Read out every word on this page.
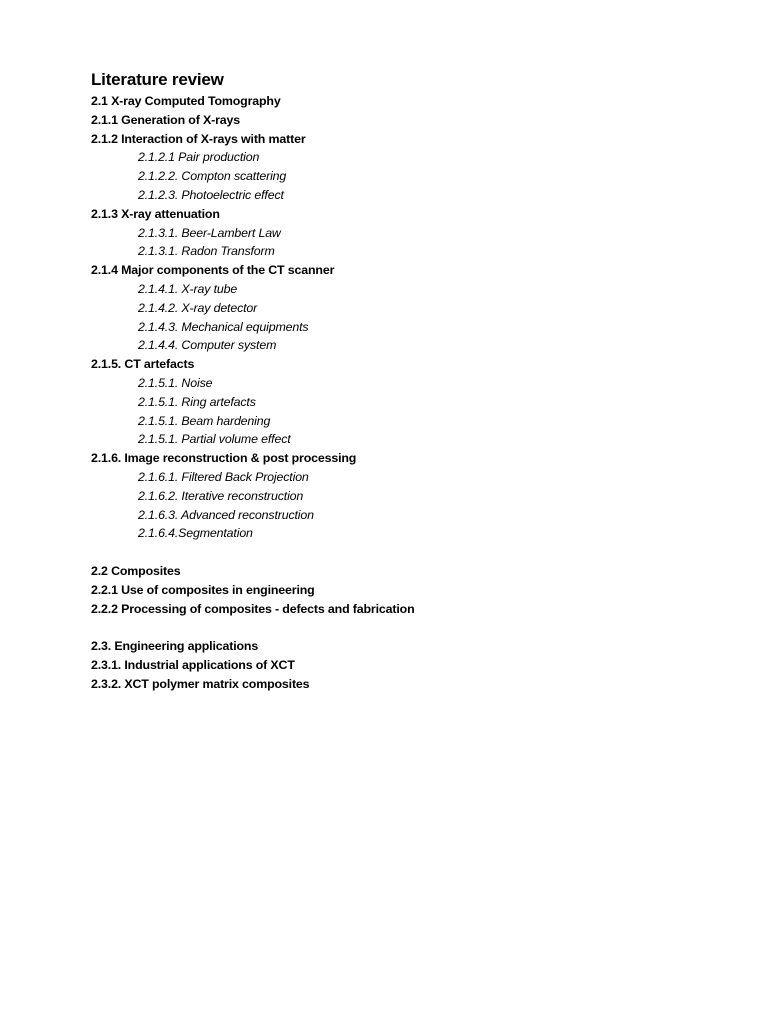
Literature review
2.1 X-ray Computed Tomography
2.1.1 Generation of X-rays
2.1.2 Interaction of X-rays with matter
2.1.2.1 Pair production
2.1.2.2. Compton scattering
2.1.2.3. Photoelectric effect
2.1.3 X-ray attenuation
2.1.3.1. Beer-Lambert Law
2.1.3.1. Radon Transform
2.1.4 Major components of the CT scanner
2.1.4.1. X-ray tube
2.1.4.2. X-ray detector
2.1.4.3. Mechanical equipments
2.1.4.4. Computer system
2.1.5. CT artefacts
2.1.5.1. Noise
2.1.5.1. Ring artefacts
2.1.5.1. Beam hardening
2.1.5.1. Partial volume effect
2.1.6. Image reconstruction & post processing
2.1.6.1. Filtered Back Projection
2.1.6.2. Iterative reconstruction
2.1.6.3. Advanced reconstruction
2.1.6.4.Segmentation
2.2 Composites
2.2.1 Use of composites in engineering
2.2.2 Processing of composites - defects and fabrication
2.3. Engineering applications
2.3.1. Industrial applications of XCT
2.3.2. XCT polymer matrix composites
